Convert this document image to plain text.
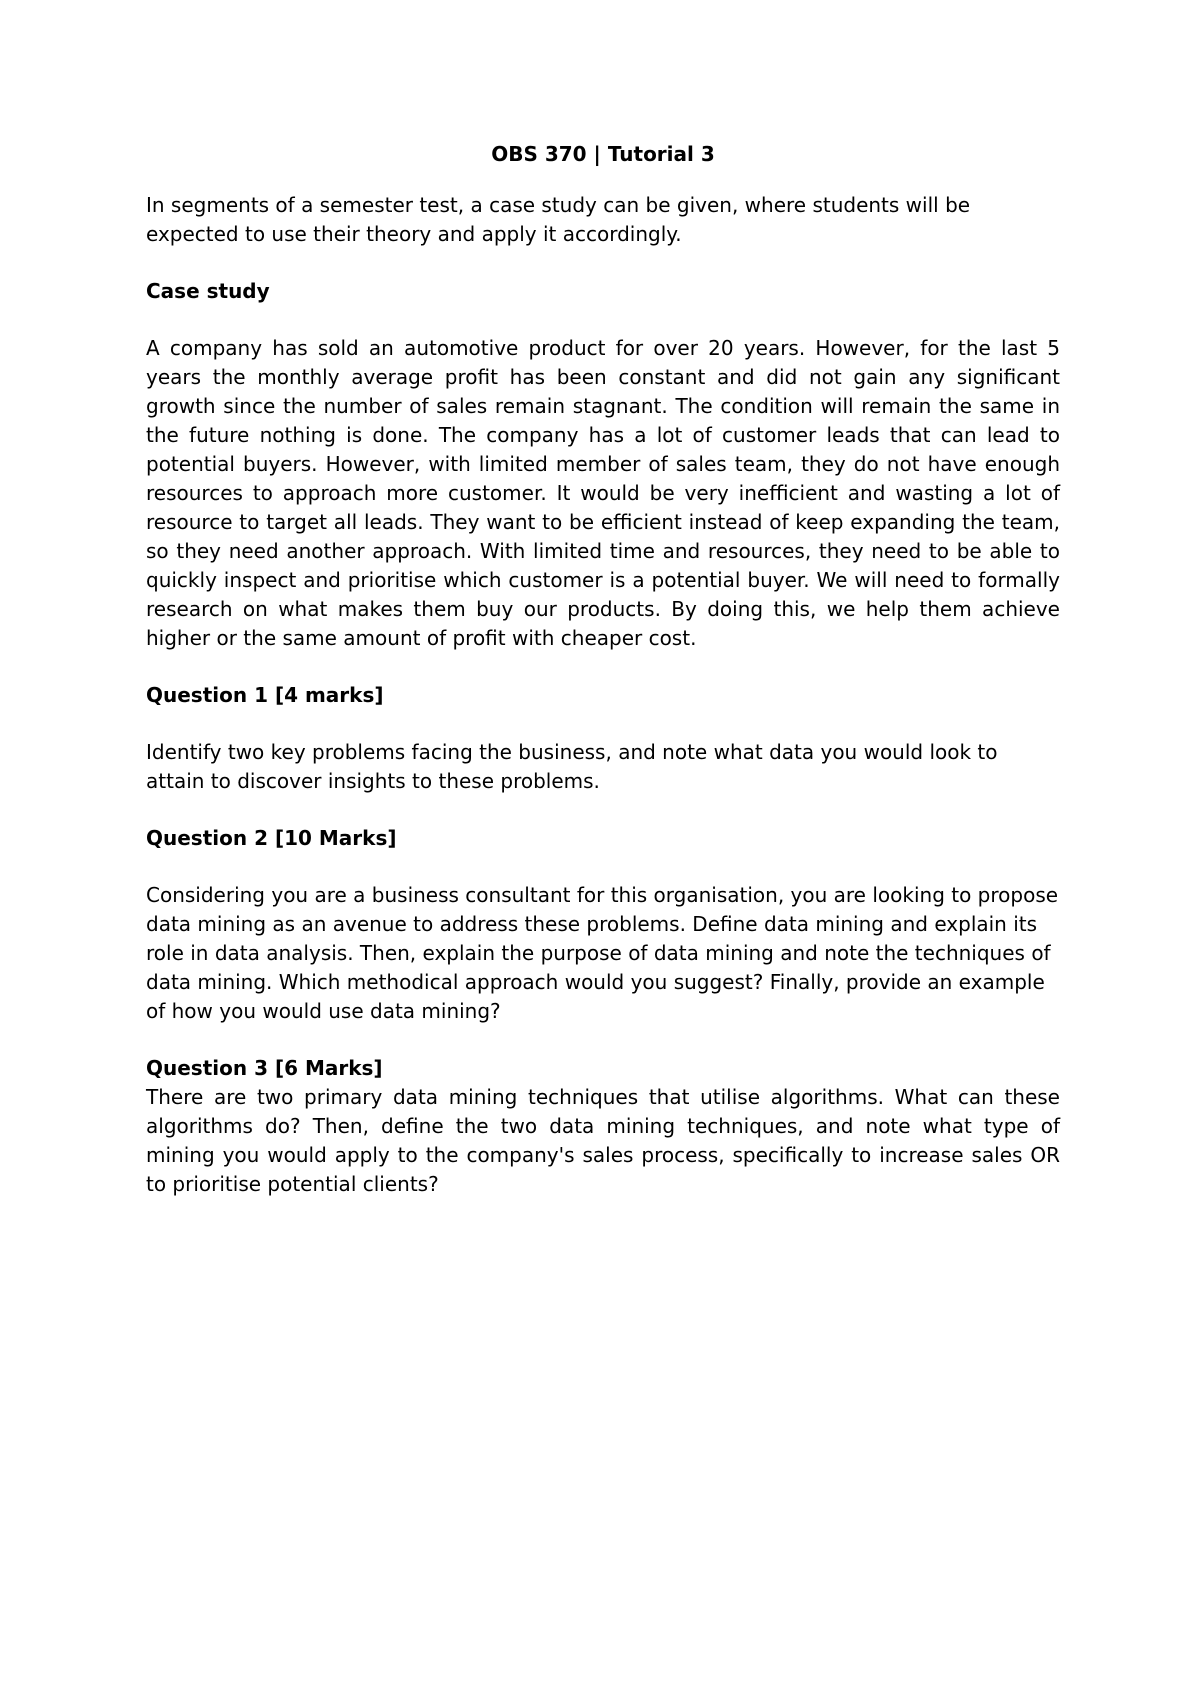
OBS 370 | Tutorial 3

In segments of a semester test, a case study can be given, where students will be expected to use their theory and apply it accordingly.

Case study

A company has sold an automotive product for over 20 years. However, for the last 5 years the monthly average profit has been constant and did not gain any significant growth since the number of sales remain stagnant. The condition will remain the same in the future nothing is done. The company has a lot of customer leads that can lead to potential buyers. However, with limited member of sales team, they do not have enough resources to approach more customer. It would be very inefficient and wasting a lot of resource to target all leads. They want to be efficient instead of keep expanding the team, so they need another approach. With limited time and resources, they need to be able to quickly inspect and prioritise which customer is a potential buyer. We will need to formally research on what makes them buy our products. By doing this, we help them achieve higher or the same amount of profit with cheaper cost.

Question 1 [4 marks]

Identify two key problems facing the business, and note what data you would look to attain to discover insights to these problems.

Question 2 [10 Marks]

Considering you are a business consultant for this organisation, you are looking to propose data mining as an avenue to address these problems. Define data mining and explain its role in data analysis. Then, explain the purpose of data mining and note the techniques of data mining. Which methodical approach would you suggest? Finally, provide an example of how you would use data mining?

Question 3 [6 Marks]

There are two primary data mining techniques that utilise algorithms. What can these algorithms do? Then, define the two data mining techniques, and note what type of mining you would apply to the company's sales process, specifically to increase sales OR to prioritise potential clients?
